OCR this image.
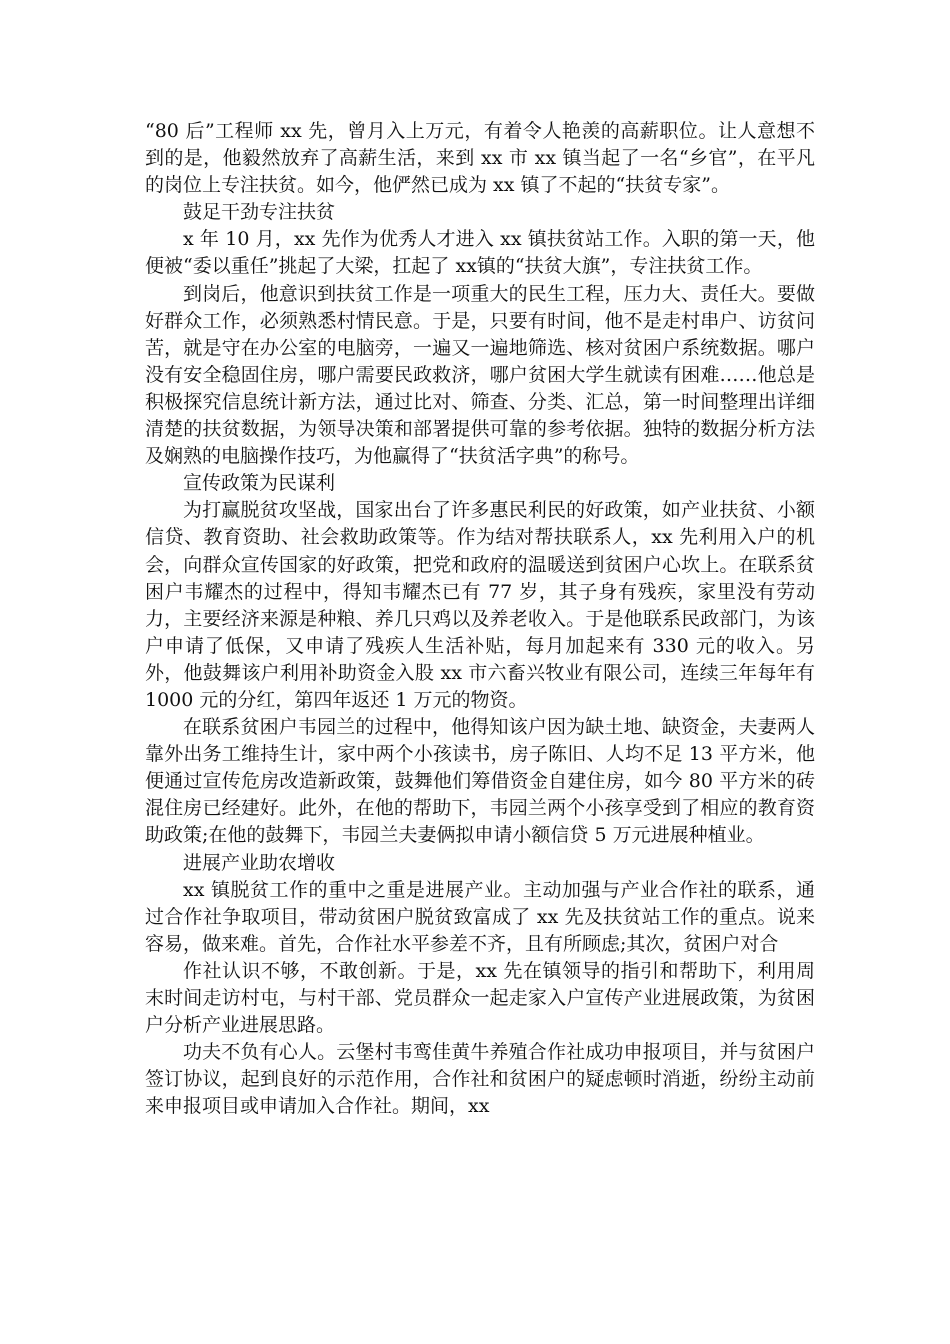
“80 后”工程师 xx 先，曾月入上万元，有着令人艳羡的高薪职位。让人意想不到的是，他毅然放弃了高薪生活，来到 xx 市 xx 镇当起了一名“乡官”，在平凡的岗位上专注扶贫。如今，他俨然已成为 xx 镇了不起的“扶贫专家”。

鼓足干劲专注扶贫

x 年 10 月，xx 先作为优秀人才进入 xx 镇扶贫站工作。入职的第一天，他便被“委以重任”挑起了大梁，扛起了 xx镇的“扶贫大旗”，专注扶贫工作。

到岗后，他意识到扶贫工作是一项重大的民生工程，压力大、责任大。要做好群众工作，必须熟悉村情民意。于是，只要有时间，他不是走村串户、访贫问苦，就是守在办公室的电脑旁，一遍又一遍地筛选、核对贫困户系统数据。哪户没有安全稳固住房，哪户需要民政救济，哪户贫困大学生就读有困难……他总是积极探究信息统计新方法，通过比对、筛查、分类、汇总，第一时间整理出详细清楚的扶贫数据，为领导决策和部署提供可靠的参考依据。独特的数据分析方法及娴熟的电脑操作技巧，为他赢得了“扶贫活字典”的称号。

宣传政策为民谋利

为打赢脱贫攻坚战，国家出台了许多惠民利民的好政策，如产业扶贫、小额信贷、教育资助、社会救助政策等。作为结对帮扶联系人，xx 先利用入户的机会，向群众宣传国家的好政策，把党和政府的温暖送到贫困户心坎上。在联系贫困户韦耀杰的过程中，得知韦耀杰已有 77 岁，其子身有残疾，家里没有劳动力，主要经济来源是种粮、养几只鸡以及养老收入。于是他联系民政部门，为该户申请了低保，又申请了残疾人生活补贴，每月加起来有 330 元的收入。另外，他鼓舞该户利用补助资金入股 xx 市六畜兴牧业有限公司，连续三年每年有 1000 元的分红，第四年返还 1 万元的物资。

在联系贫困户韦园兰的过程中，他得知该户因为缺土地、缺资金，夫妻两人靠外出务工维持生计，家中两个小孩读书，房子陈旧、人均不足 13 平方米，他便通过宣传危房改造新政策，鼓舞他们筹借资金自建住房，如今 80 平方米的砖混住房已经建好。此外，在他的帮助下，韦园兰两个小孩享受到了相应的教育资助政策;在他的鼓舞下，韦园兰夫妻俩拟申请小额信贷 5 万元进展种植业。

进展产业助农增收

xx 镇脱贫工作的重中之重是进展产业。主动加强与产业合作社的联系，通过合作社争取项目，带动贫困户脱贫致富成了 xx 先及扶贫站工作的重点。说来容易，做来难。首先，合作社水平参差不齐，且有所顾虑;其次，贫困户对合

作社认识不够，不敢创新。于是，xx 先在镇领导的指引和帮助下，利用周末时间走访村屯，与村干部、党员群众一起走家入户宣传产业进展政策，为贫困户分析产业进展思路。

功夫不负有心人。云堡村韦鸾佳黄牛养殖合作社成功申报项目，并与贫困户签订协议，起到良好的示范作用，合作社和贫困户的疑虑顿时消逝，纷纷主动前来申报项目或申请加入合作社。期间，xx
